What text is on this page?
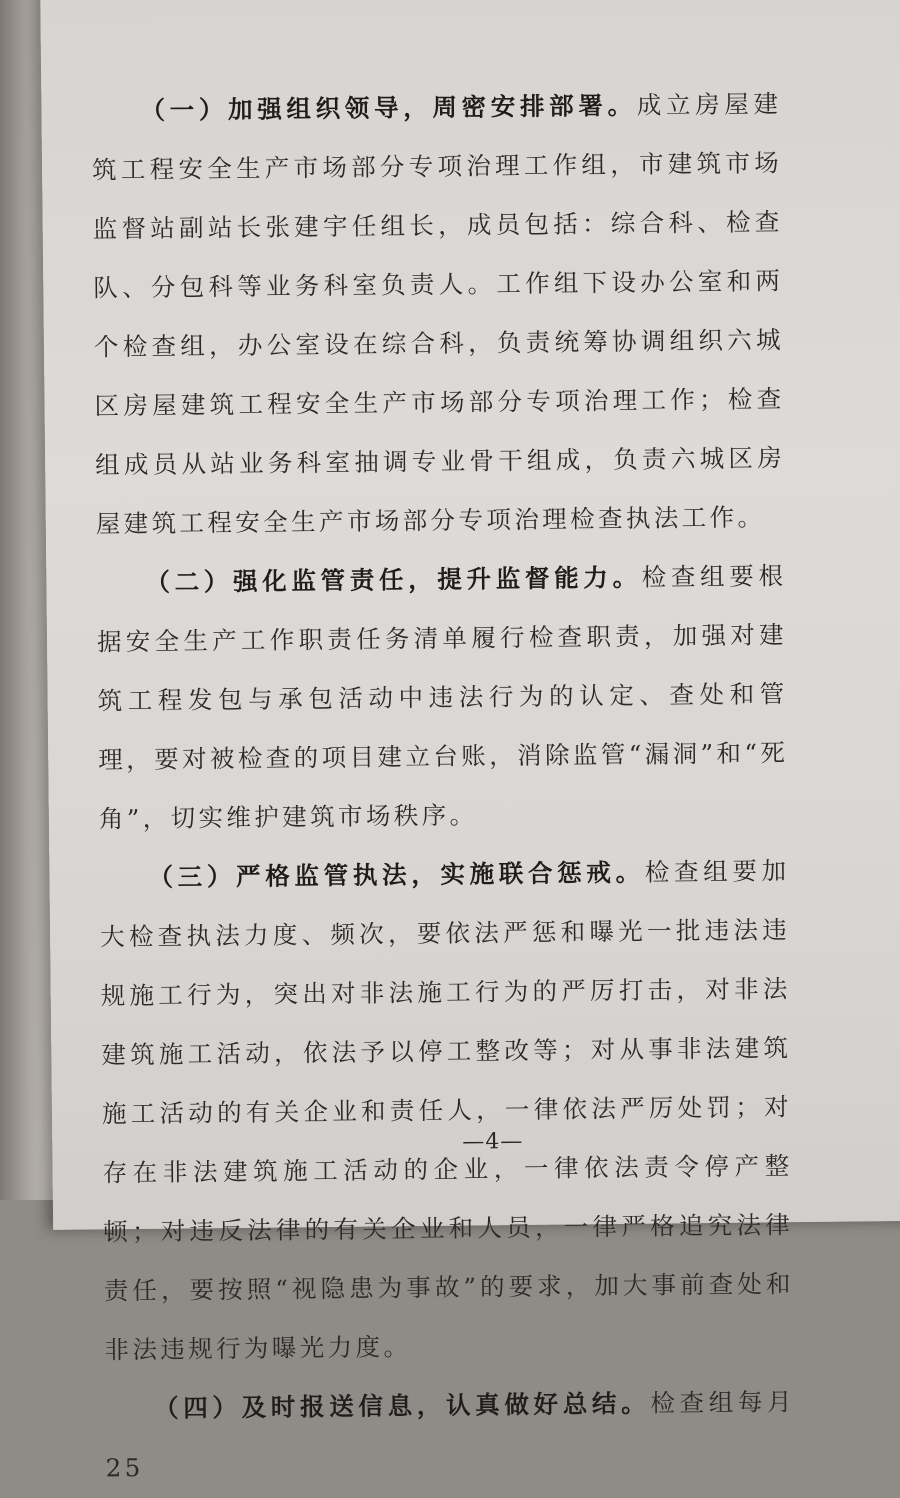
（一）加强组织领导，周密安排部署。成立房屋建筑工程安全生产市场部分专项治理工作组，市建筑市场监督站副站长张建宇任组长，成员包括：综合科、检查队、分包科等业务科室负责人。工作组下设办公室和两个检查组，办公室设在综合科，负责统筹协调组织六城区房屋建筑工程安全生产市场部分专项治理工作；检查组成员从站业务科室抽调专业骨干组成，负责六城区房屋建筑工程安全生产市场部分专项治理检查执法工作。

（二）强化监管责任，提升监督能力。检查组要根据安全生产工作职责任务清单履行检查职责，加强对建筑工程发包与承包活动中违法行为的认定、查处和管理，要对被检查的项目建立台账，消除监管“漏洞”和“死角”，切实维护建筑市场秩序。

（三）严格监管执法，实施联合惩戒。检查组要加大检查执法力度、频次，要依法严惩和曝光一批违法违规施工行为，突出对非法施工行为的严厉打击，对非法建筑施工活动，依法予以停工整改等；对从事非法建筑施工活动的有关企业和责任人，一律依法严厉处罚；对存在非法建筑施工活动的企业，一律依法责令停产整顿；对违反法律的有关企业和人员，一律严格追究法律责任，要按照“视隐患为事故”的要求，加大事前查处和非法违规行为曝光力度。

（四）及时报送信息，认真做好总结。检查组每月25

—4—
